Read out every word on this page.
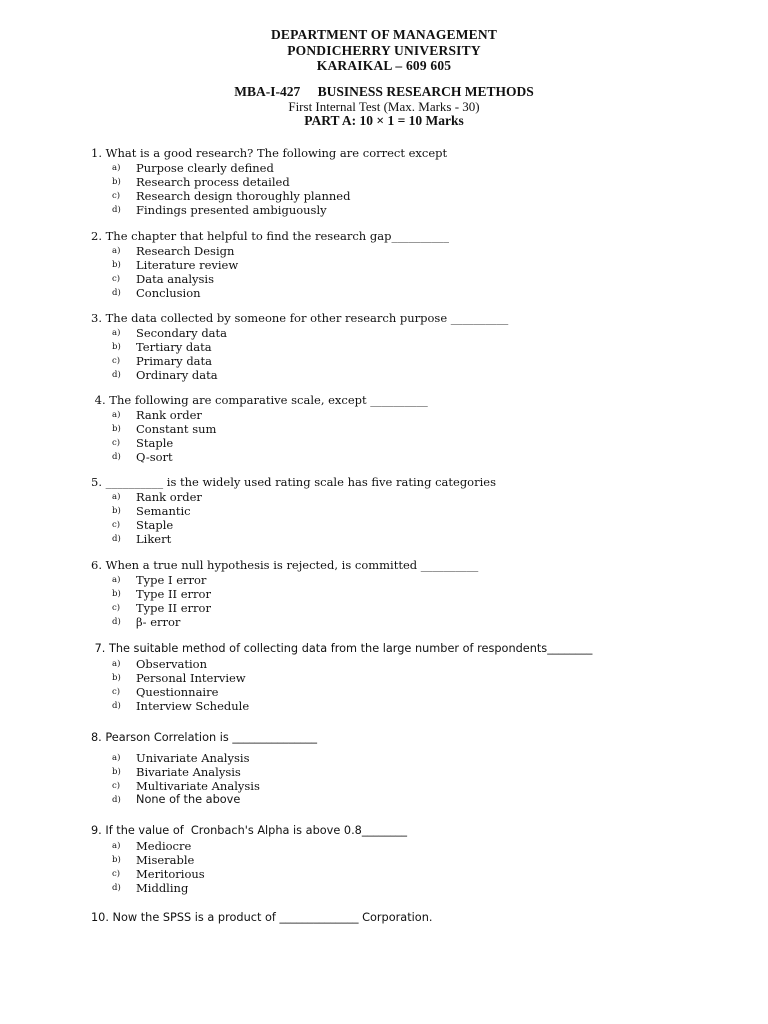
DEPARTMENT OF MANAGEMENT
PONDICHERRY UNIVERSITY
KARAIKAL – 609 605
MBA-I-427 BUSINESS RESEARCH METHODS
First Internal Test (Max. Marks - 30)
PART A: 10 × 1 = 10 Marks
1. What is a good research? The following are correct except
a) Purpose clearly defined
b) Research process detailed
c) Research design thoroughly planned
d) Findings presented ambiguously
2. The chapter that helpful to find the research gap__________
a) Research Design
b) Literature review
c) Data analysis
d) Conclusion
3. The data collected by someone for other research purpose __________
a) Secondary data
b) Tertiary data
c) Primary data
d) Ordinary data
4. The following are comparative scale, except __________
a) Rank order
b) Constant sum
c) Staple
d) Q-sort
5. __________ is the widely used rating scale has five rating categories
a) Rank order
b) Semantic
c) Staple
d) Likert
6. When a true null hypothesis is rejected, is committed __________
a) Type I error
b) Type II error
c) Type II error
d) β- error
7. The suitable method of collecting data from the large number of respondents________
a) Observation
b) Personal Interview
c) Questionnaire
d) Interview Schedule
8. Pearson Correlation is _______________
a) Univariate Analysis
b) Bivariate Analysis
c) Multivariate Analysis
d) None of the above
9. If the value of  Cronbach's Alpha is above 0.8________
a) Mediocre
b) Miserable
c) Meritorious
d) Middling
10. Now the SPSS is a product of ______________ Corporation.
